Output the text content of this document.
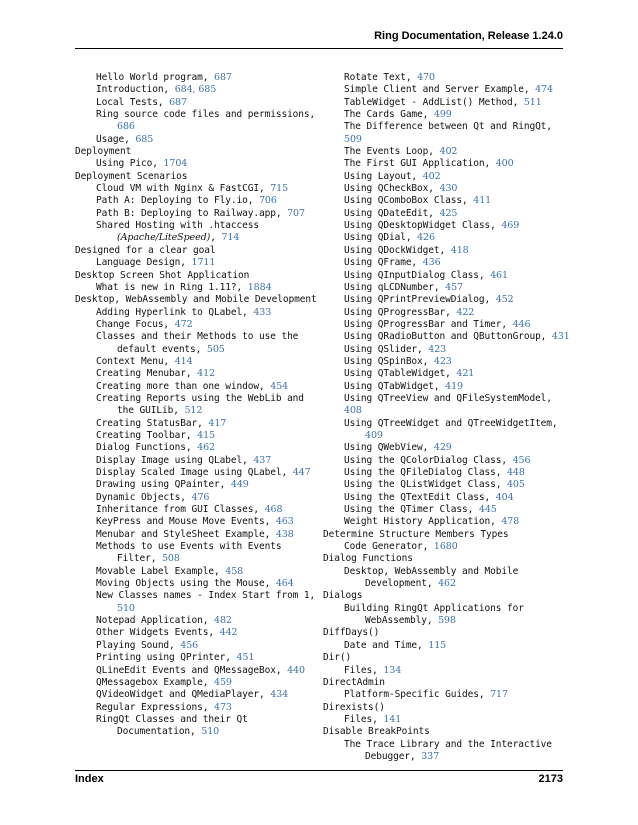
Ring Documentation, Release 1.24.0
Hello World program, 687
Introduction, 684, 685
Local Tests, 687
Ring source code files and permissions, 686
Usage, 685
Deployment
Using Pico, 1704
Deployment Scenarios
Cloud VM with Nginx & FastCGI, 715
Path A: Deploying to Fly.io, 706
Path B: Deploying to Railway.app, 707
Shared Hosting with .htaccess (Apache/LiteSpeed), 714
Designed for a clear goal
Language Design, 1711
Desktop Screen Shot Application
What is new in Ring 1.11?, 1884
Desktop, WebAssembly and Mobile Development
Adding Hyperlink to QLabel, 433
Change Focus, 472
Classes and their Methods to use the default events, 505
Context Menu, 414
Creating Menubar, 412
Creating more than one window, 454
Creating Reports using the WebLib and the GUILib, 512
Creating StatusBar, 417
Creating Toolbar, 415
Dialog Functions, 462
Display Image using QLabel, 437
Display Scaled Image using QLabel, 447
Drawing using QPainter, 449
Dynamic Objects, 476
Inheritance from GUI Classes, 468
KeyPress and Mouse Move Events, 463
Menubar and StyleSheet Example, 438
Methods to use Events with Events Filter, 508
Movable Label Example, 458
Moving Objects using the Mouse, 464
New Classes names - Index Start from 1, 510
Notepad Application, 482
Other Widgets Events, 442
Playing Sound, 456
Printing using QPrinter, 451
QLineEdit Events and QMessageBox, 440
QMessagebox Example, 459
QVideoWidget and QMediaPlayer, 434
Regular Expressions, 473
RingQt Classes and their Qt Documentation, 510
Rotate Text, 470
Simple Client and Server Example, 474
TableWidget - AddList() Method, 511
The Cards Game, 499
The Difference between Qt and RingQt, 509
The Events Loop, 402
The First GUI Application, 400
Using Layout, 402
Using QCheckBox, 430
Using QComboBox Class, 411
Using QDateEdit, 425
Using QDesktopWidget Class, 469
Using QDial, 426
Using QDockWidget, 418
Using QFrame, 436
Using QInputDialog Class, 461
Using qLCDNumber, 457
Using QPrintPreviewDialog, 452
Using QProgressBar, 422
Using QProgressBar and Timer, 446
Using QRadioButton and QButtonGroup, 431
Using QSlider, 423
Using QSpinBox, 423
Using QTableWidget, 421
Using QTabWidget, 419
Using QTreeView and QFileSystemModel, 408
Using QTreeWidget and QTreeWidgetItem, 409
Using QWebView, 429
Using the QColorDialog Class, 456
Using the QFileDialog Class, 448
Using the QListWidget Class, 405
Using the QTextEdit Class, 404
Using the QTimer Class, 445
Weight History Application, 478
Determine Structure Members Types
Code Generator, 1680
Dialog Functions
Desktop, WebAssembly and Mobile Development, 462
Dialogs
Building RingQt Applications for WebAssembly, 598
DiffDays()
Date and Time, 115
Dir()
Files, 134
DirectAdmin
Platform-Specific Guides, 717
Direxists()
Files, 141
Disable BreakPoints
The Trace Library and the Interactive Debugger, 337
Index	2173
